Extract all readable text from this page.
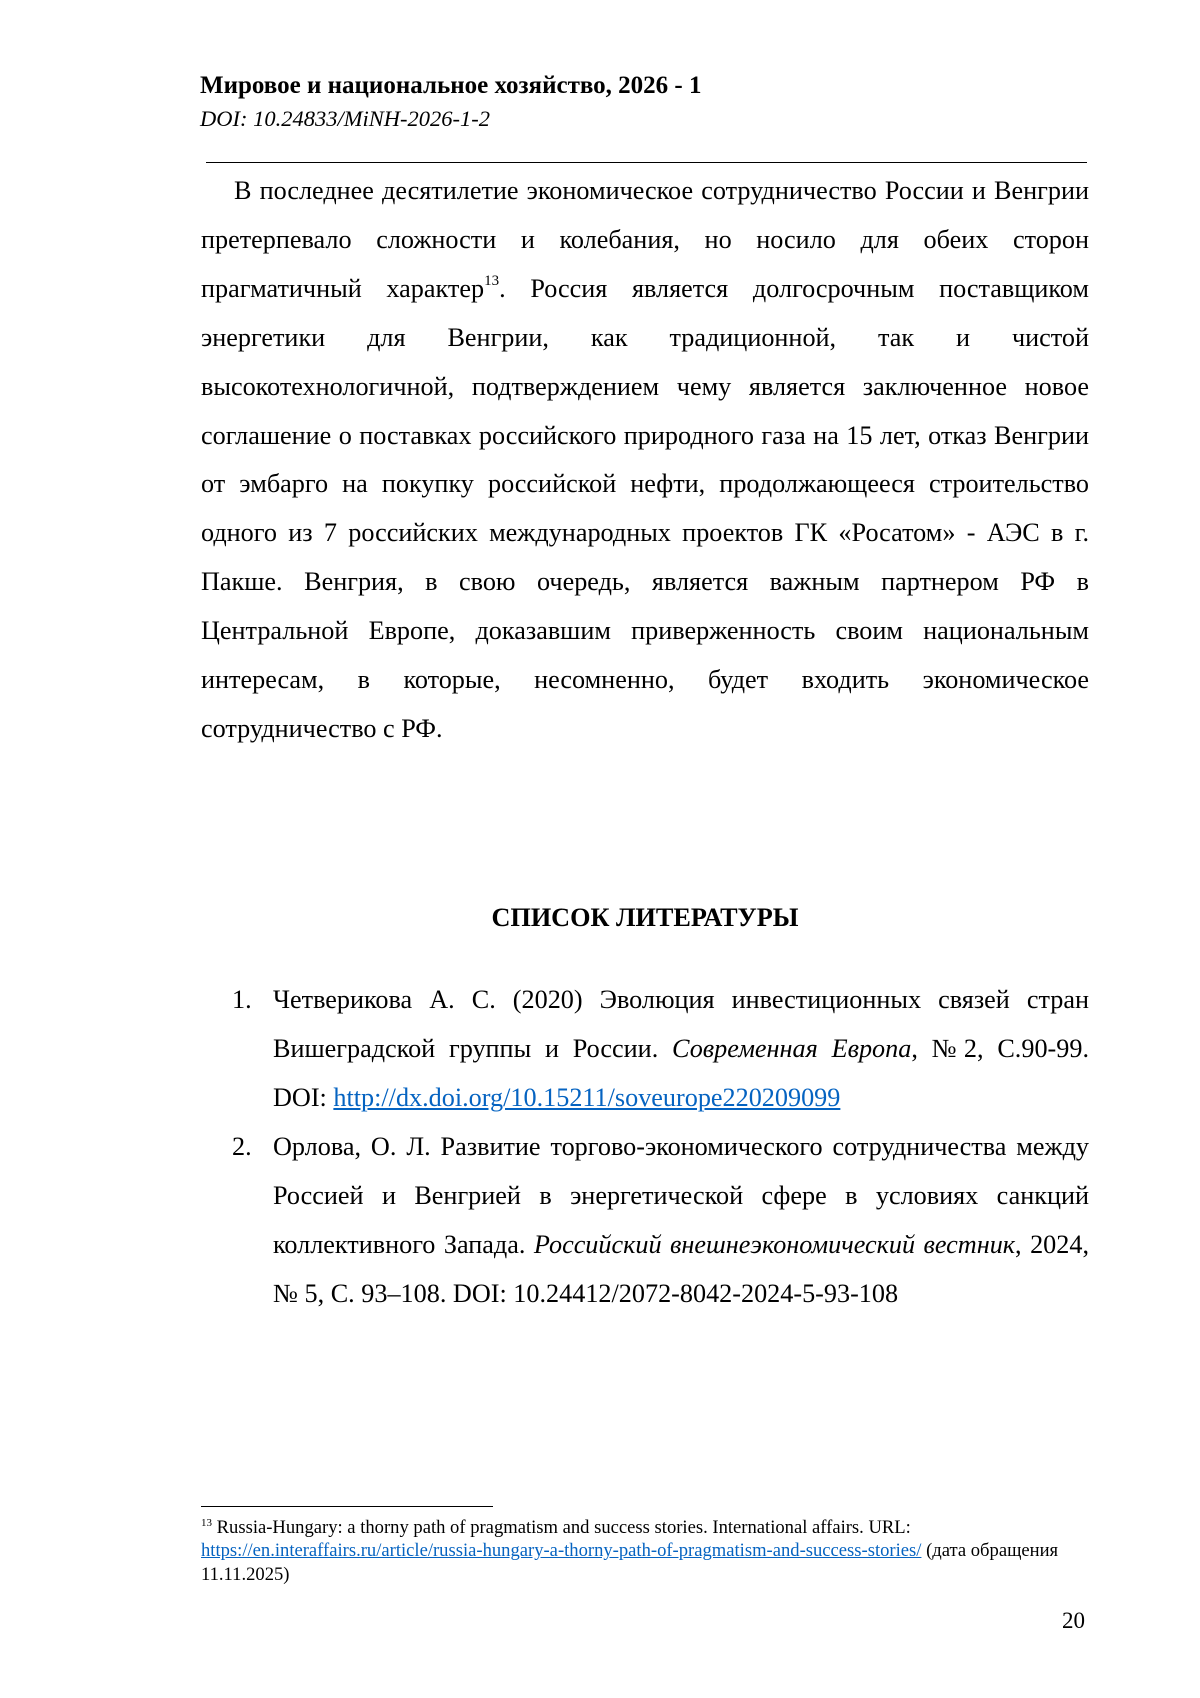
Мировое и национальное хозяйство, 2026 - 1
DOI: 10.24833/MiNH-2026-1-2

В последнее десятилетие экономическое сотрудничество России и Венгрии претерпевало сложности и колебания, но носило для обеих сторон прагматичный характер$^{13}$. Россия является долгосрочным поставщиком энергетики для Венгрии, как традиционной, так и чистой высокотехнологичной, подтверждением чему является заключенное новое соглашение о поставках российского природного газа на 15 лет, отказ Венгрии от эмбарго на покупку российской нефти, продолжающееся строительство одного из 7 российских международных проектов ГК «Росатом» - АЭС в г. Пакше. Венгрия, в свою очередь, является важным партнером РФ в Центральной Европе, доказавшим приверженность своим национальным интересам, в которые, несомненно, будет входить экономическое сотрудничество с РФ.

СПИСОК ЛИТЕРАТУРЫ
1. Четверикова А. С. (2020) Эволюция инвестиционных связей стран Вишеградской группы и России. Современная Европа, №2, С.90-99. DOI: http://dx.doi.org/10.15211/soveurope220209099

2. Орлова, О. Л. Развитие торгово-экономического сотрудничества между Россией и Венгрией в энергетической сфере в условиях санкций коллективного Запада. Российский внешнеэкономический вестник, 2024, № 5, С. 93–108. DOI: 10.24412/2072-8042-2024-5-93-108

$^{13}$ Russia-Hungary: a thorny path of pragmatism and success stories. International affairs. URL: https://en.interaffairs.ru/article/russia-hungary-a-thorny-path-of-pragmatism-and-success-stories/ (дата обращения 11.11.2025)

20
